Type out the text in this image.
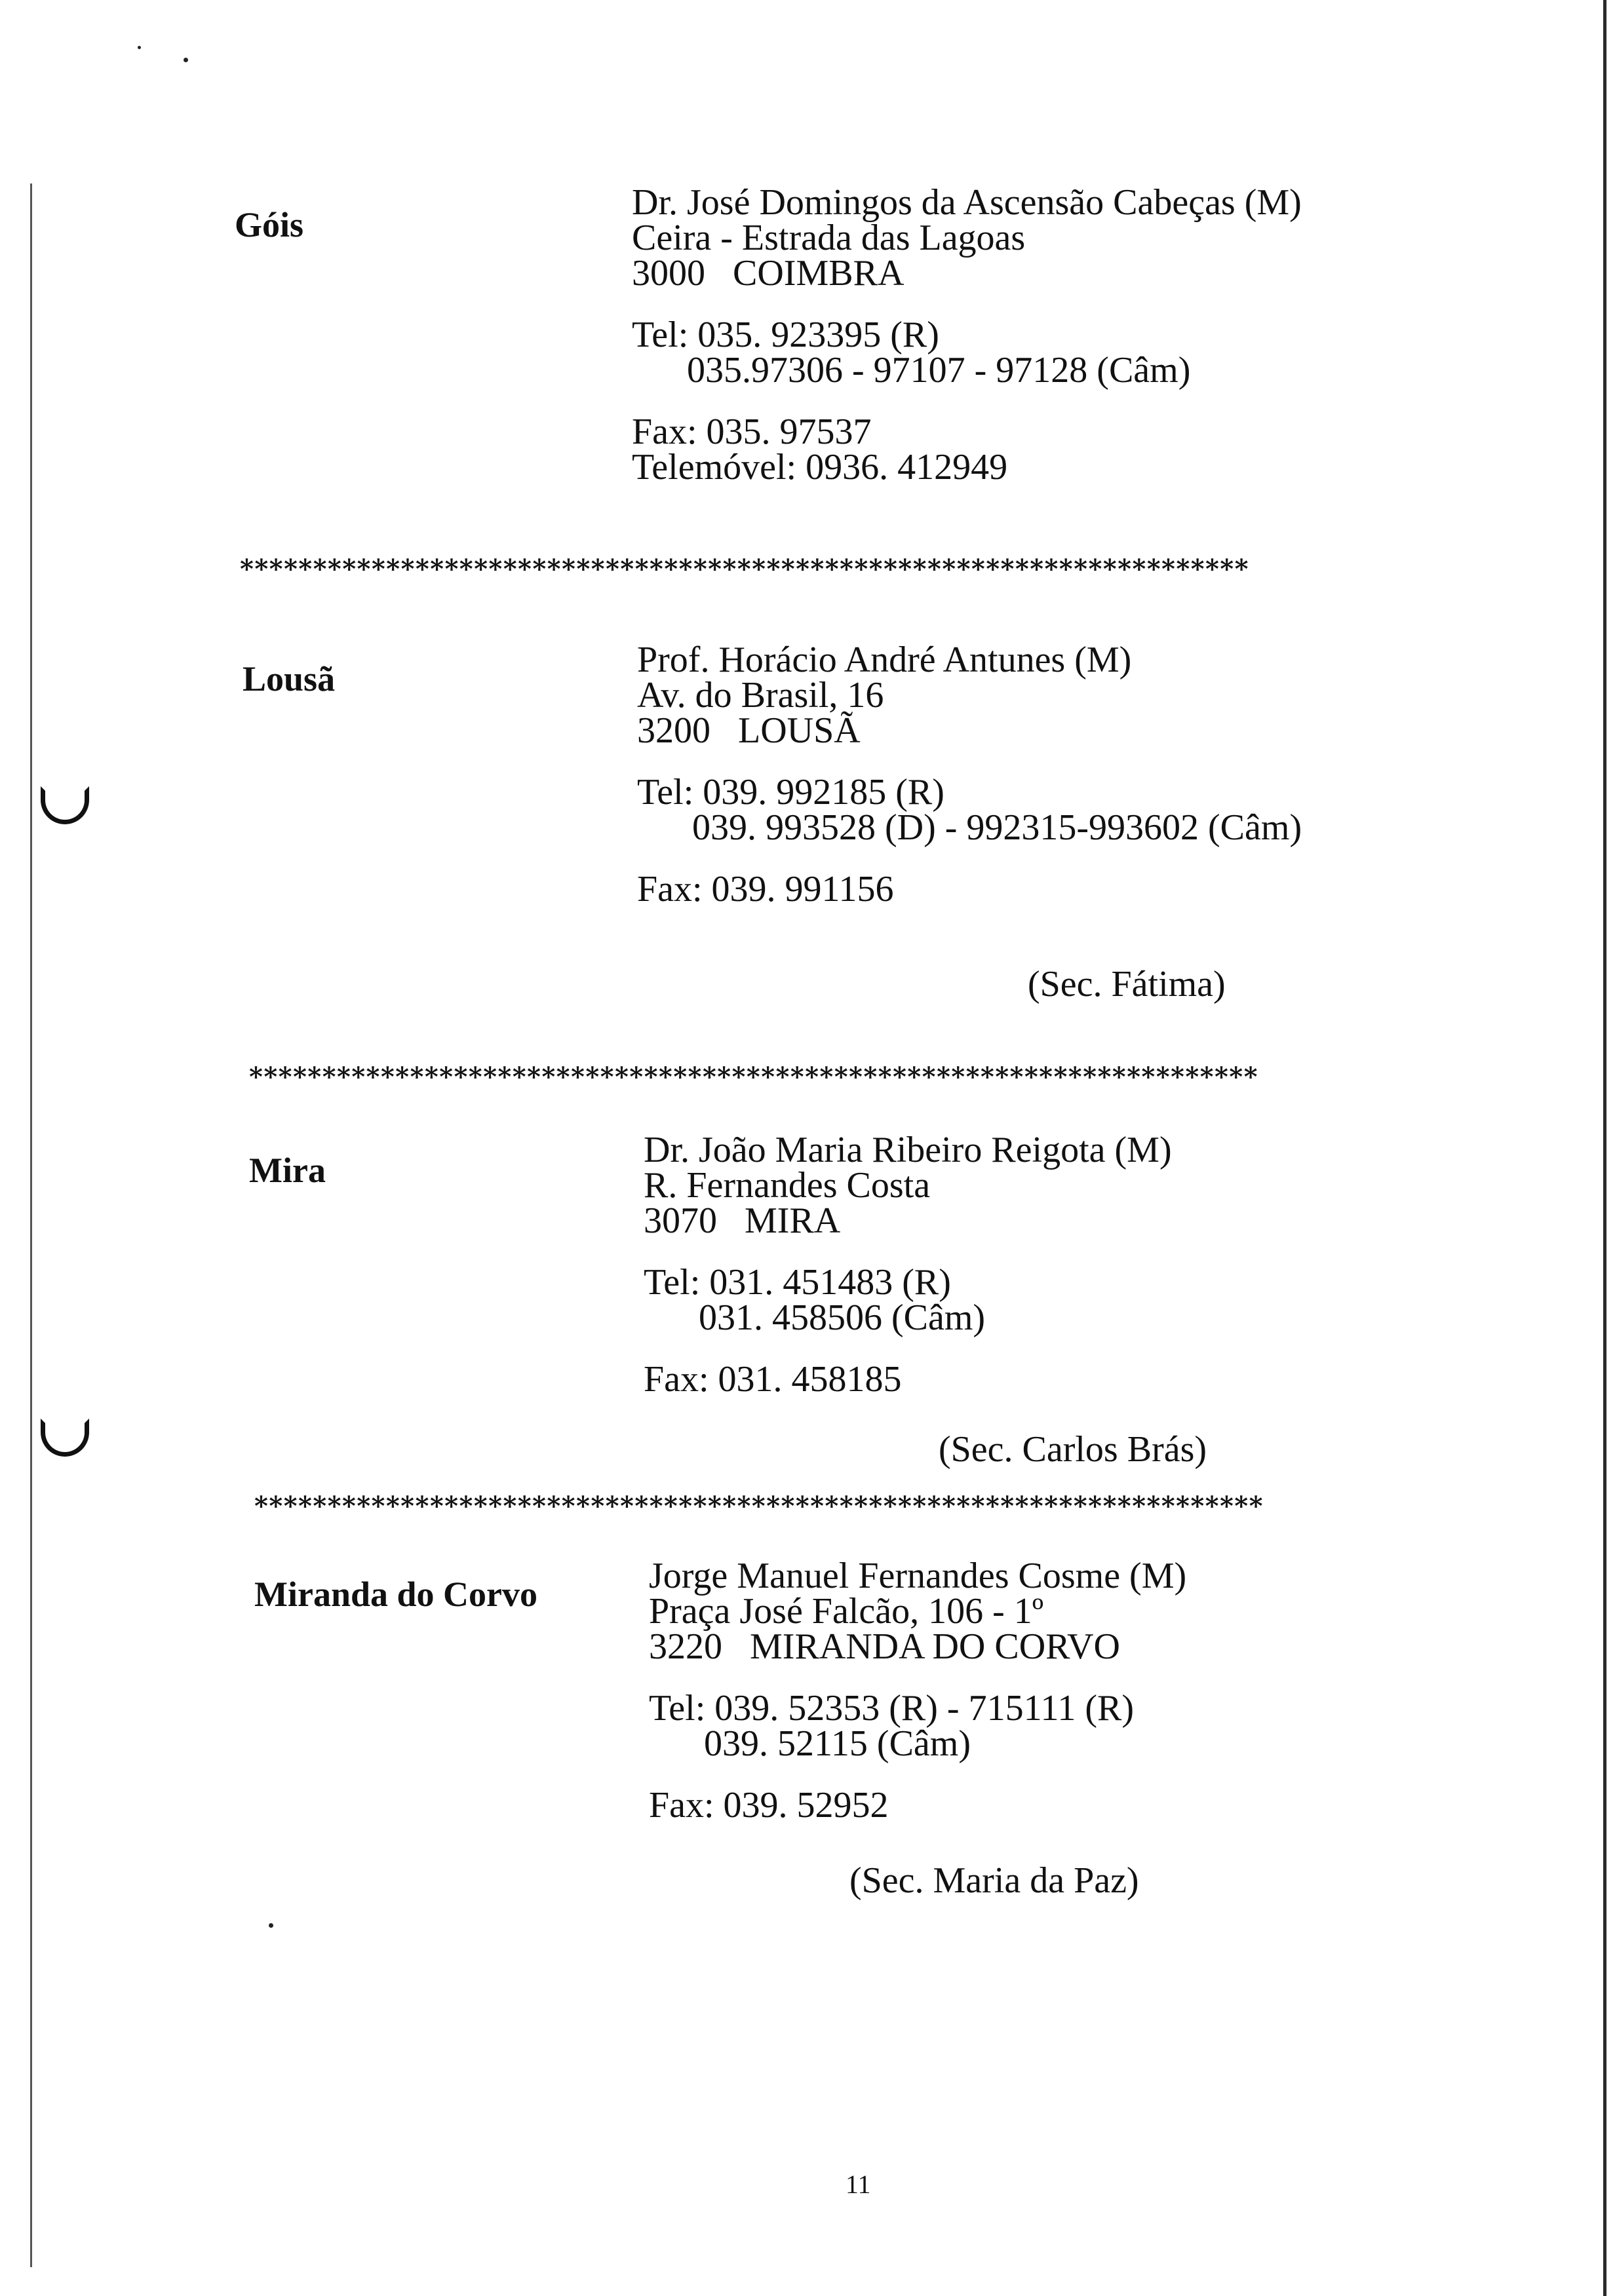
Góis
Dr. José Domingos da Ascensão Cabeças (M)
Ceira - Estrada das Lagoas
3000   COIMBRA
Tel: 035. 923395 (R)
035.97306 - 97107 - 97128 (Câm)
Fax: 035. 97537
Telemóvel: 0936. 412949
*********************************************************************
Lousã	Prof. Horácio André Antunes (M)
Av. do Brasil, 16
3200   LOUSÃ
Tel: 039. 992185 (R)
039. 993528 (D) - 992315-993602 (Câm)
Fax: 039. 991156
(Sec. Fátima)
*********************************************************************
Mira	Dr. João Maria Ribeiro Reigota (M)
R. Fernandes Costa
3070   MIRA
Tel: 031. 451483 (R)
031. 458506 (Câm)
Fax: 031. 458185
(Sec. Carlos Brás)
*********************************************************************
Miranda do Corvo	Jorge Manuel Fernandes Cosme (M)
Praça José Falcão, 106 - 1º
3220   MIRANDA DO CORVO
Tel: 039. 52353 (R) - 715111 (R)
039. 52115 (Câm)
Fax: 039. 52952
(Sec. Maria da Paz)
11
